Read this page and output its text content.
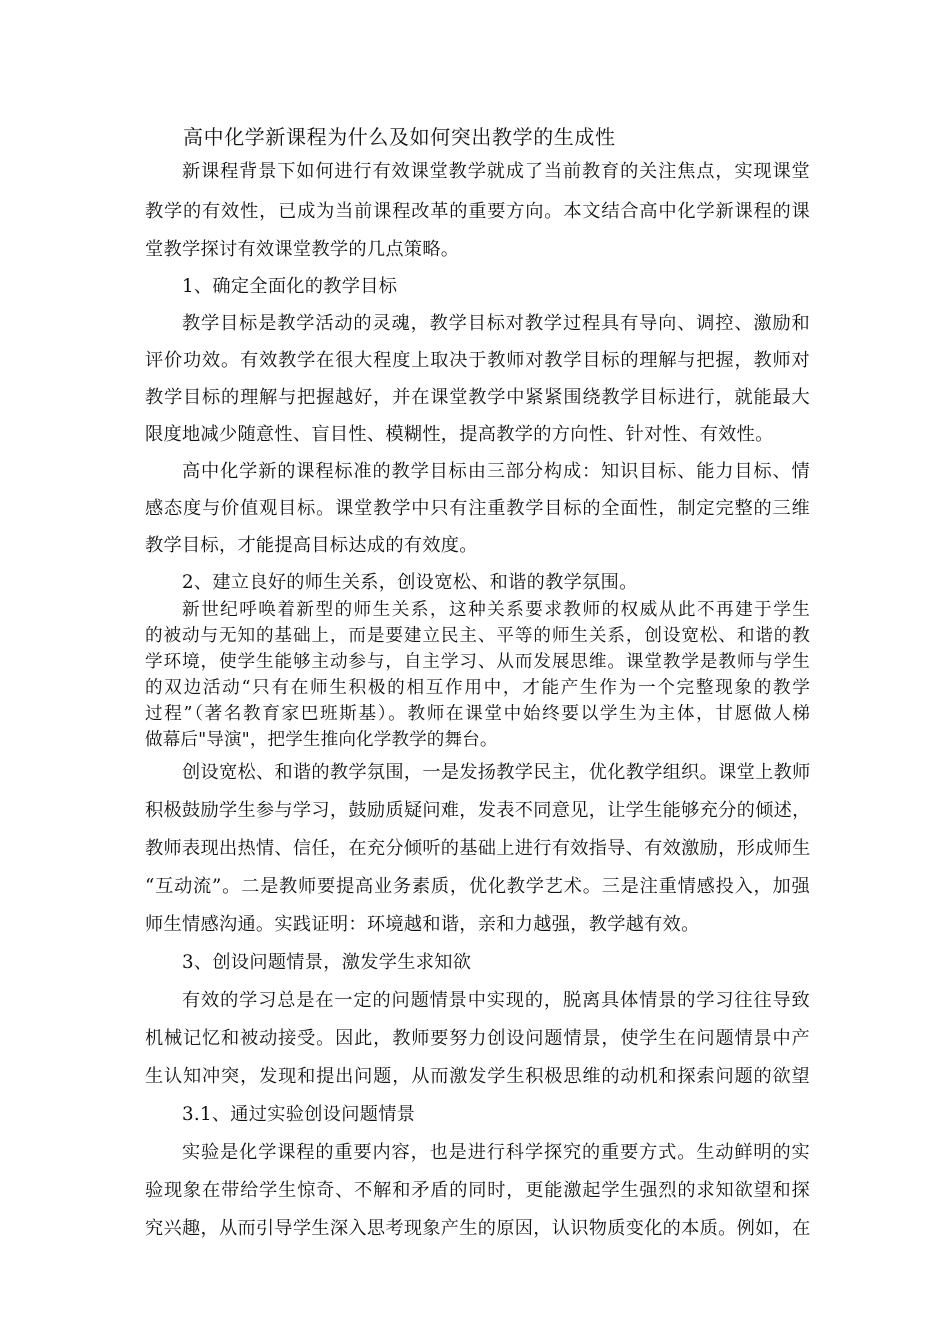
高中化学新课程为什么及如何突出教学的生成性
新课程背景下如何进行有效课堂教学就成了当前教育的关注焦点，实现课堂
教学的有效性，已成为当前课程改革的重要方向。本文结合高中化学新课程的课
堂教学探讨有效课堂教学的几点策略。
1、确定全面化的教学目标
教学目标是教学活动的灵魂，教学目标对教学过程具有导向、调控、激励和
评价功效。有效教学在很大程度上取决于教师对教学目标的理解与把握，教师对
教学目标的理解与把握越好，并在课堂教学中紧紧围绕教学目标进行，就能最大
限度地减少随意性、盲目性、模糊性，提高教学的方向性、针对性、有效性。
高中化学新的课程标准的教学目标由三部分构成：知识目标、能力目标、情
感态度与价值观目标。课堂教学中只有注重教学目标的全面性，制定完整的三维
教学目标，才能提高目标达成的有效度。
2、建立良好的师生关系，创设宽松、和谐的教学氛围。
新世纪呼唤着新型的师生关系，这种关系要求教师的权威从此不再建于学生
的被动与无知的基础上，而是要建立民主、平等的师生关系，创设宽松、和谐的教
学环境，使学生能够主动参与，自主学习、从而发展思维。课堂教学是教师与学生
的双边活动“只有在师生积极的相互作用中，才能产生作为一个完整现象的教学
过程”（著名教育家巴班斯基）。教师在课堂中始终要以学生为主体，甘愿做人梯
做幕后"导演"，把学生推向化学教学的舞台。
创设宽松、和谐的教学氛围，一是发扬教学民主，优化教学组织。课堂上教师
积极鼓励学生参与学习，鼓励质疑问难，发表不同意见，让学生能够充分的倾述，
教师表现出热情、信任，在充分倾听的基础上进行有效指导、有效激励，形成师生
“互动流”。二是教师要提高业务素质，优化教学艺术。三是注重情感投入，加强
师生情感沟通。实践证明：环境越和谐，亲和力越强，教学越有效。
3、创设问题情景，激发学生求知欲
有效的学习总是在一定的问题情景中实现的，脱离具体情景的学习往往导致
机械记忆和被动接受。因此，教师要努力创设问题情景，使学生在问题情景中产
生认知冲突，发现和提出问题，从而激发学生积极思维的动机和探索问题的欲望
3.1、通过实验创设问题情景
实验是化学课程的重要内容，也是进行科学探究的重要方式。生动鲜明的实
验现象在带给学生惊奇、不解和矛盾的同时，更能激起学生强烈的求知欲望和探
究兴趣，从而引导学生深入思考现象产生的原因，认识物质变化的本质。例如，在
